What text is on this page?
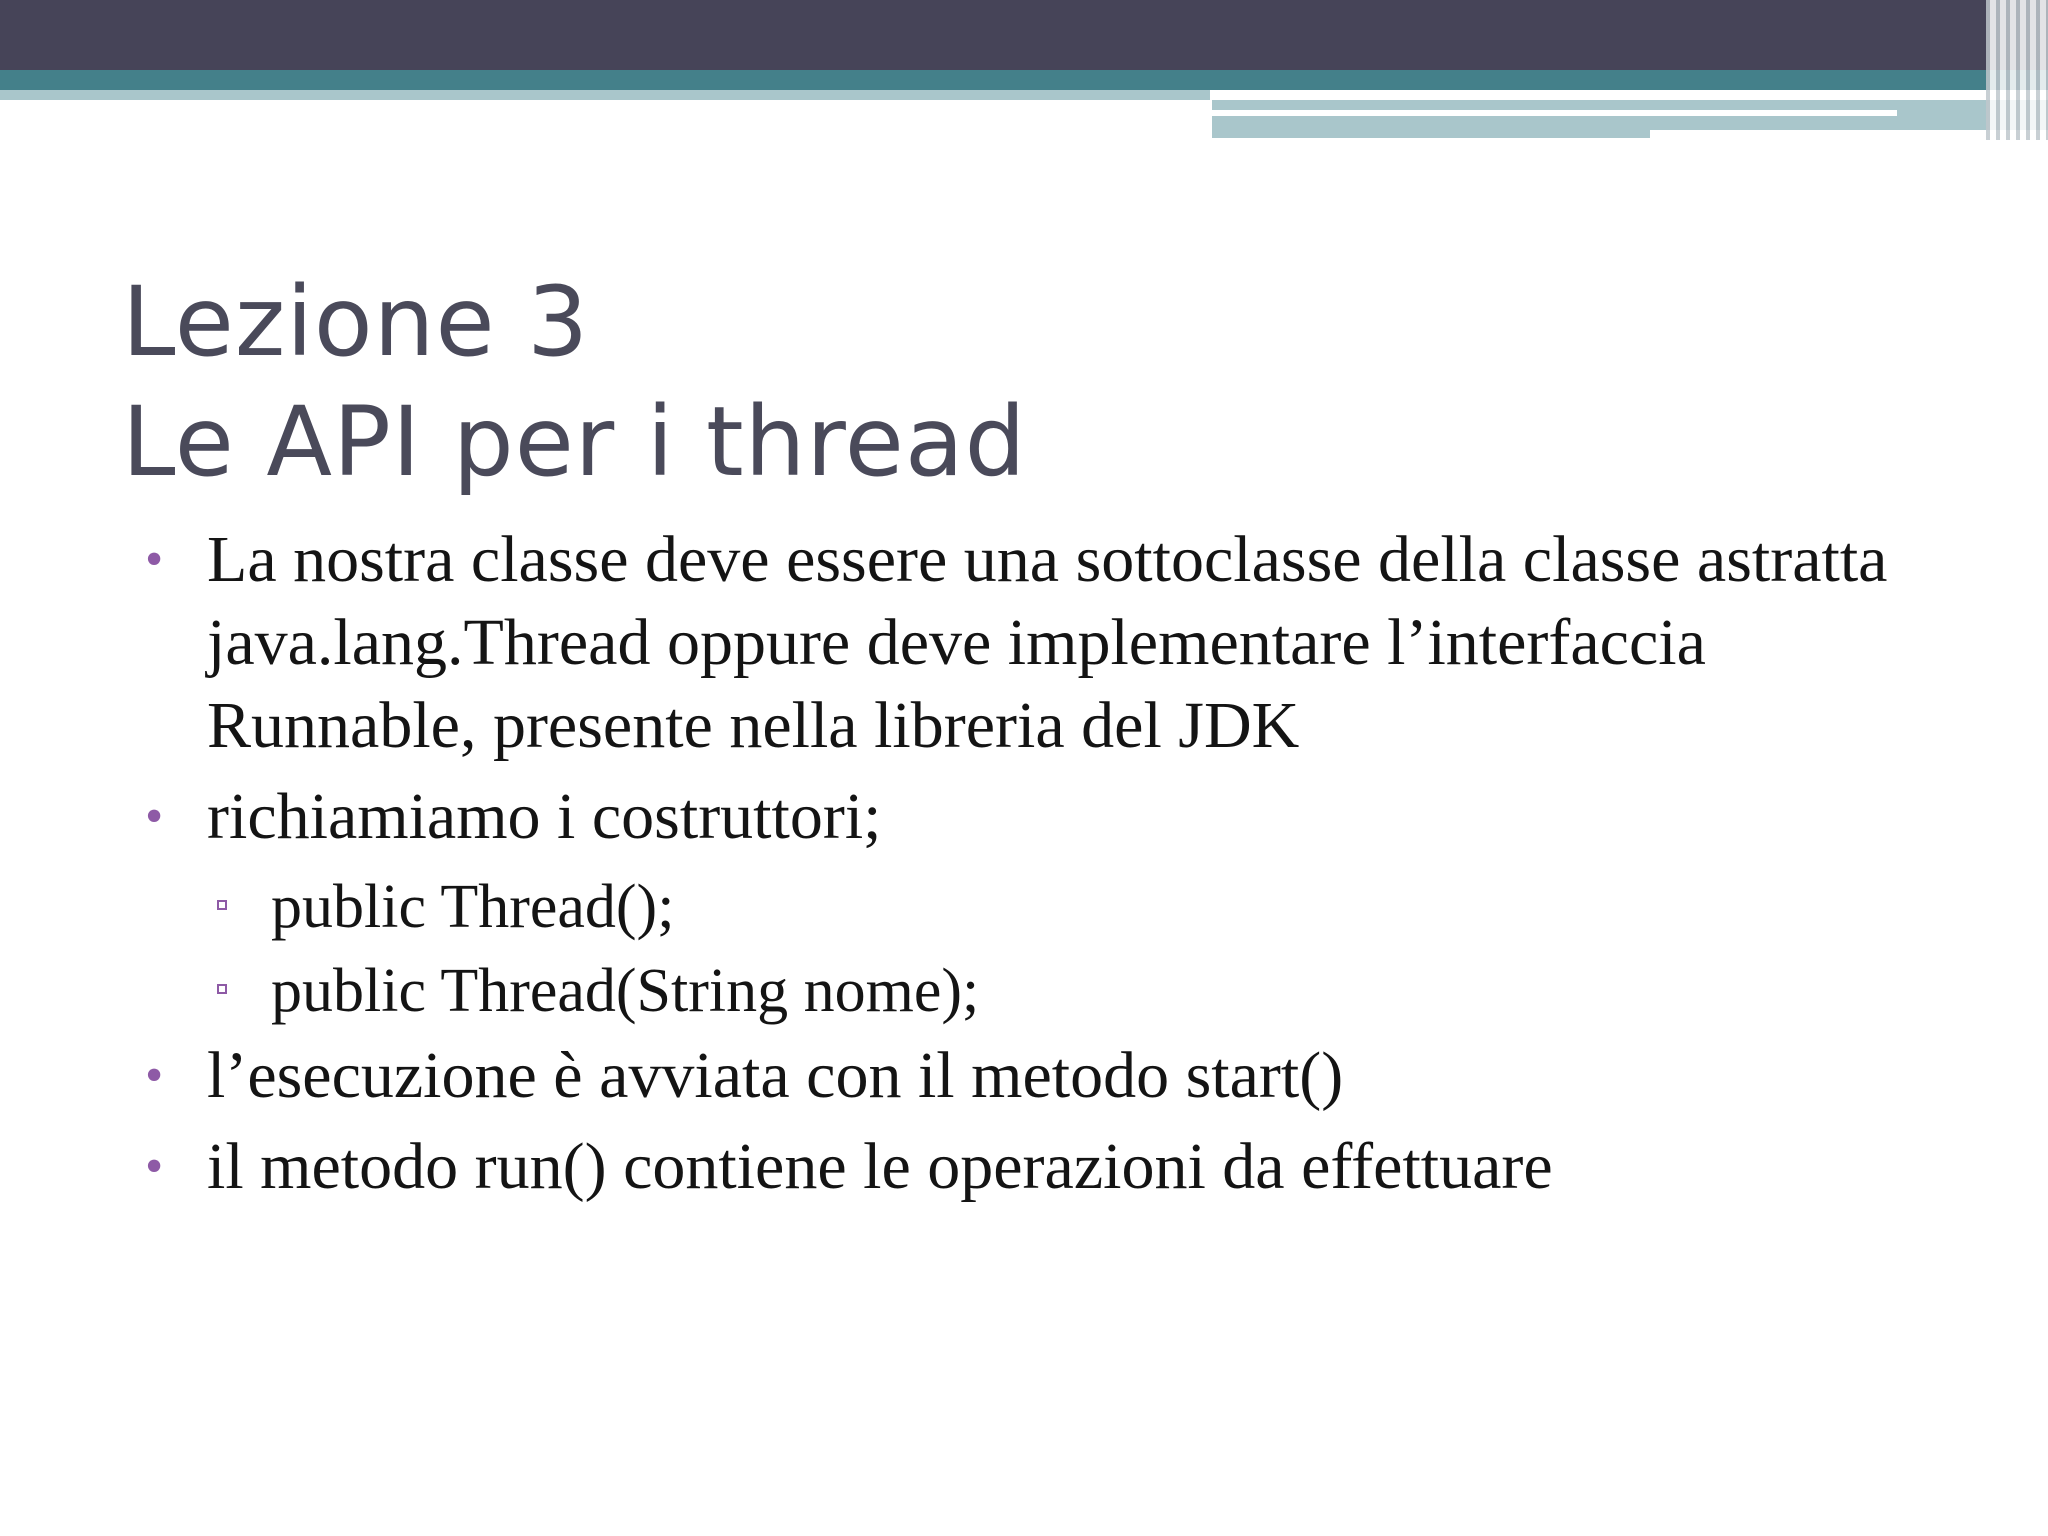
Lezione 3
Le API per i thread
• La nostra classe deve essere una sottoclasse della classe astratta java.lang.Thread oppure deve implementare l’interfaccia Runnable, presente nella libreria del JDK
• richiamiamo i costruttori;
public Thread();
public Thread(String nome);
• l’esecuzione è avviata con il metodo start()
• il metodo run() contiene le operazioni da effettuare
